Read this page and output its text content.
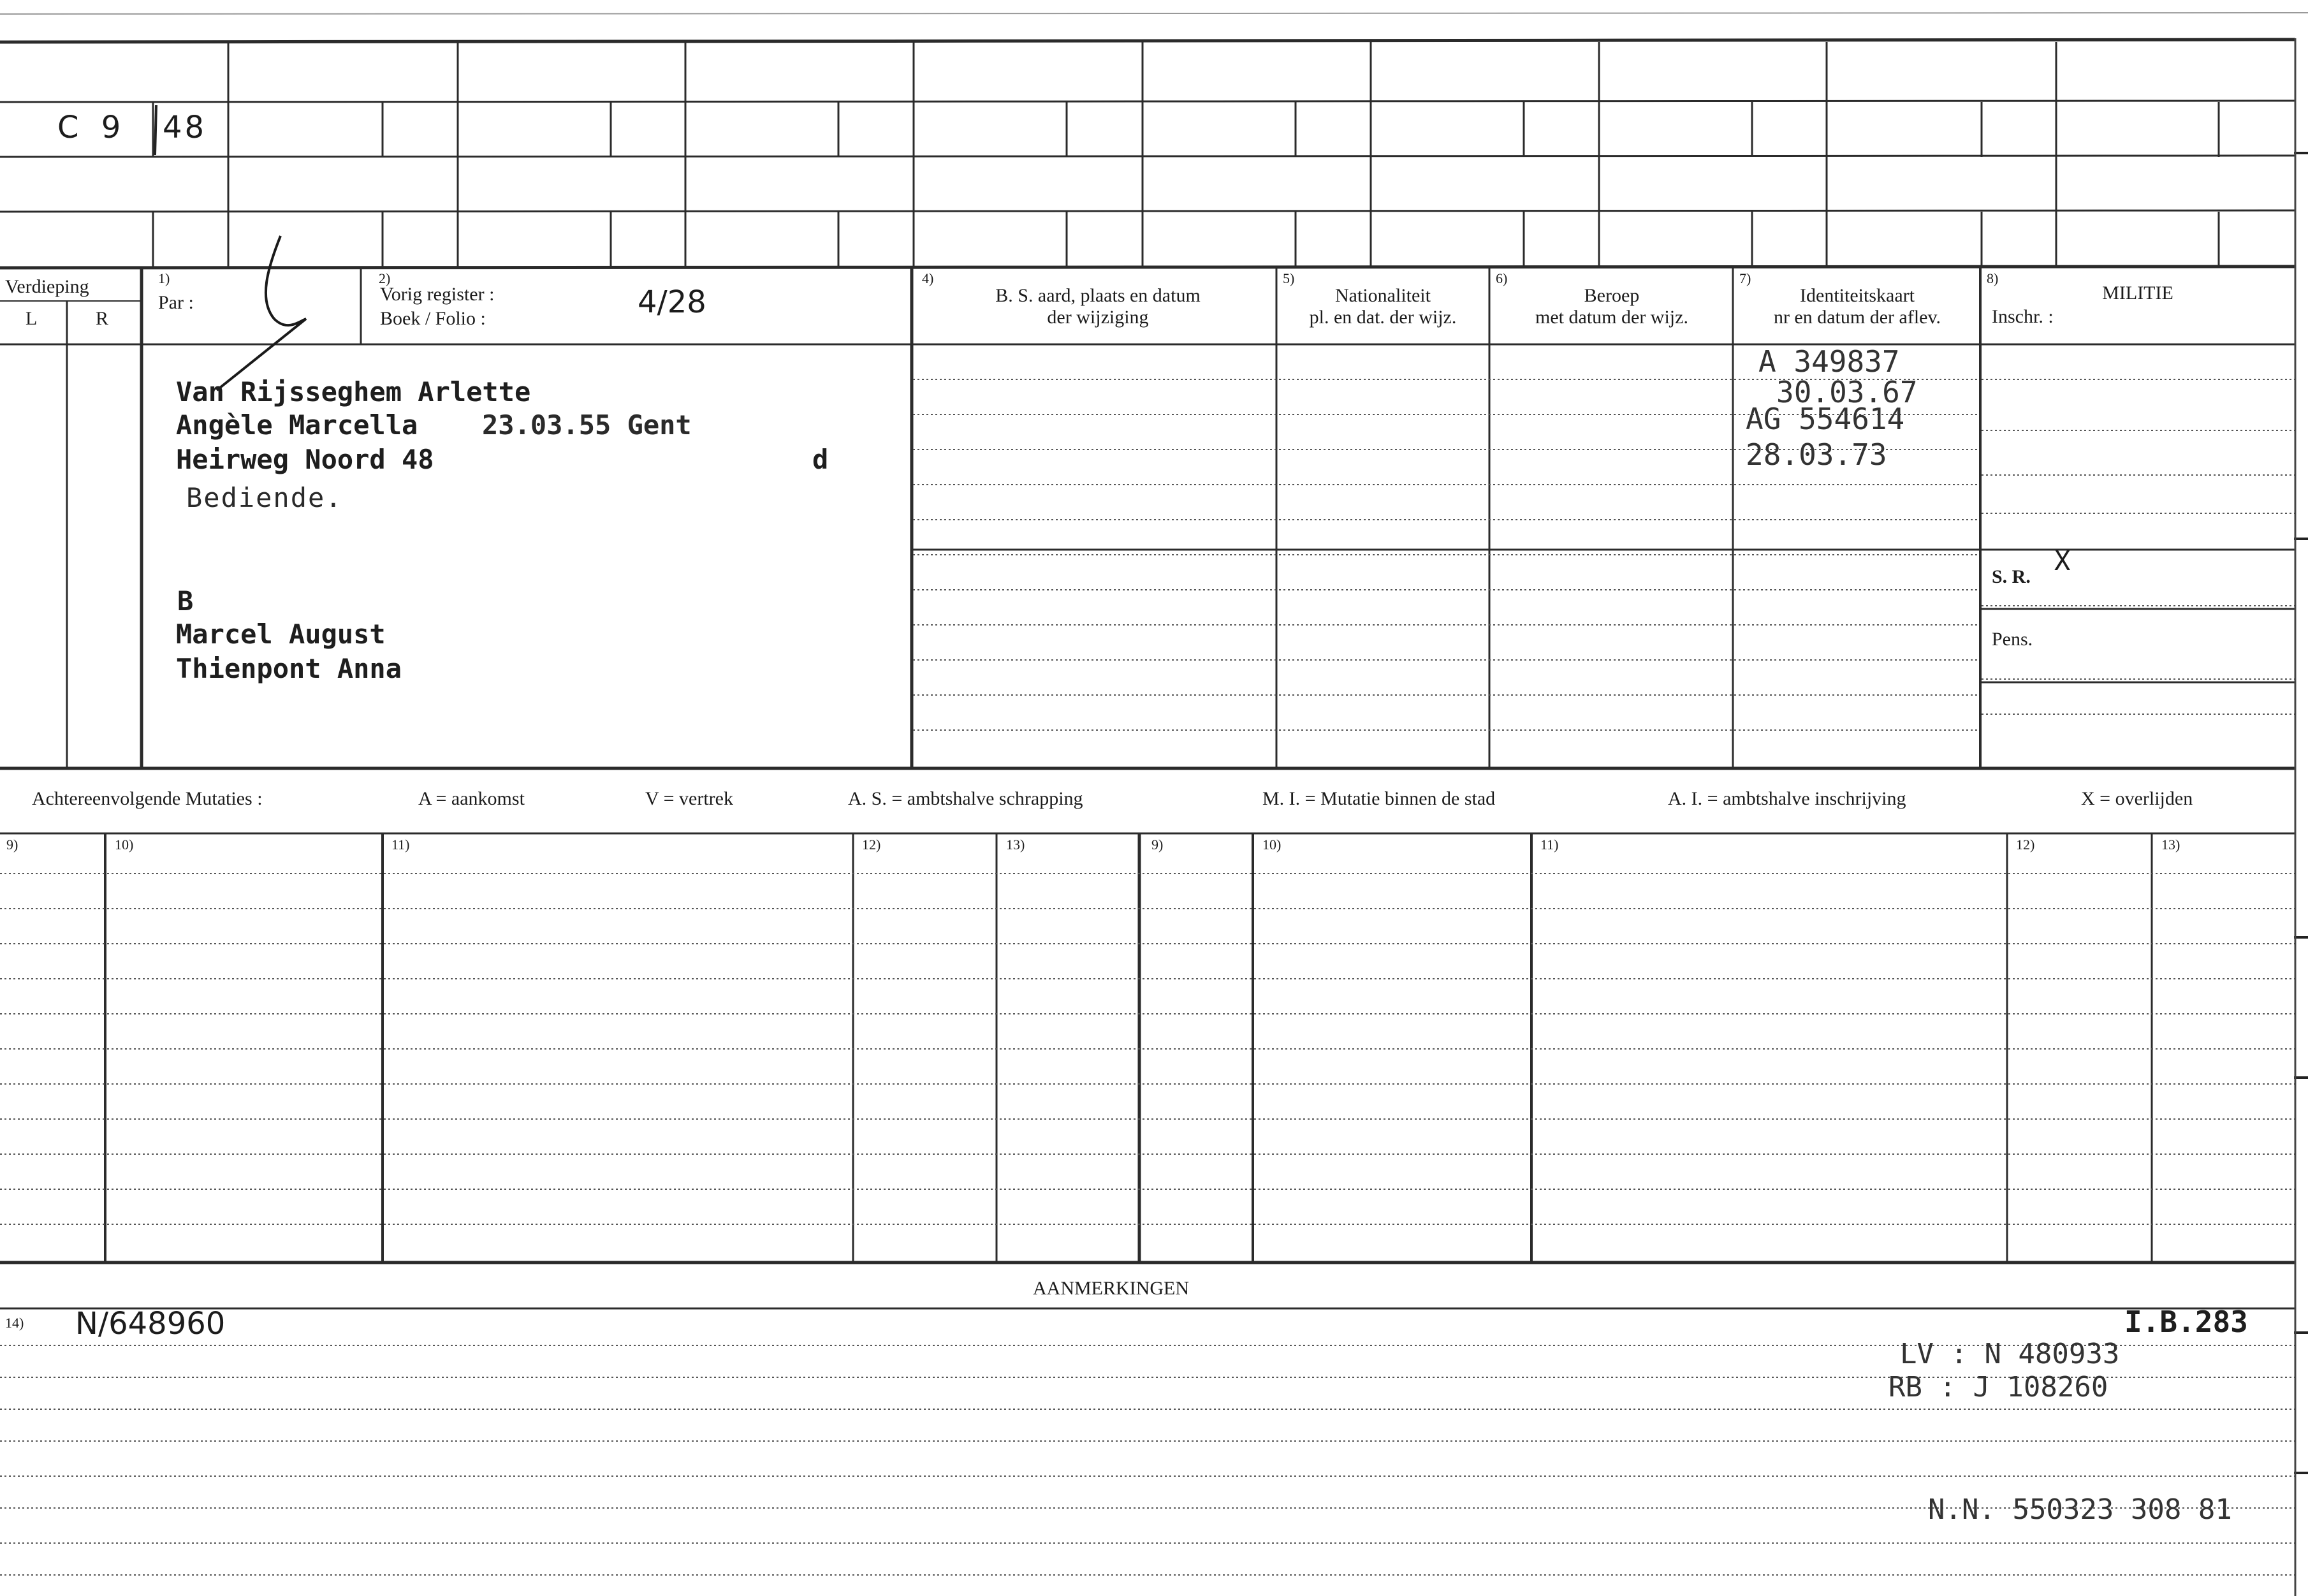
C 9 48
Verdieping
L	R
1)
Par :
2)
Vorig register :
Boek / Folio :	4/28
4)
B. S. aard, plaats en datum
der wijziging
5)
Nationaliteit
pl. en dat. der wijz.
6)
Beroep
met datum der wijz.
7)
Identiteitskaart
nr en datum der aflev.
8)
MILITIE
Inschr. :
Van Rijsseghem Arlette
Angèle Marcella 23.03.55 Gent
Heirweg Noord 48	d
Bediende.
B
Marcel August
Thienpont Anna
A 349837
30.03.67
AG 554614
28.03.73
S. R.
X
Pens.
Achtereenvolgende Mutaties :	A = aankomst	V = vertrek	A. S. = ambtshalve schrapping	M. I. = Mutatie binnen de stad	A. I. = ambtshalve inschrijving	X = overlijden
9)	10)	11)	12)	13)	9)	10)	11)	12)	13)
AANMERKINGEN
14) N/648960	I.B.283
LV : N 480933
RB : J 108260
N.N. 550323 308 81
